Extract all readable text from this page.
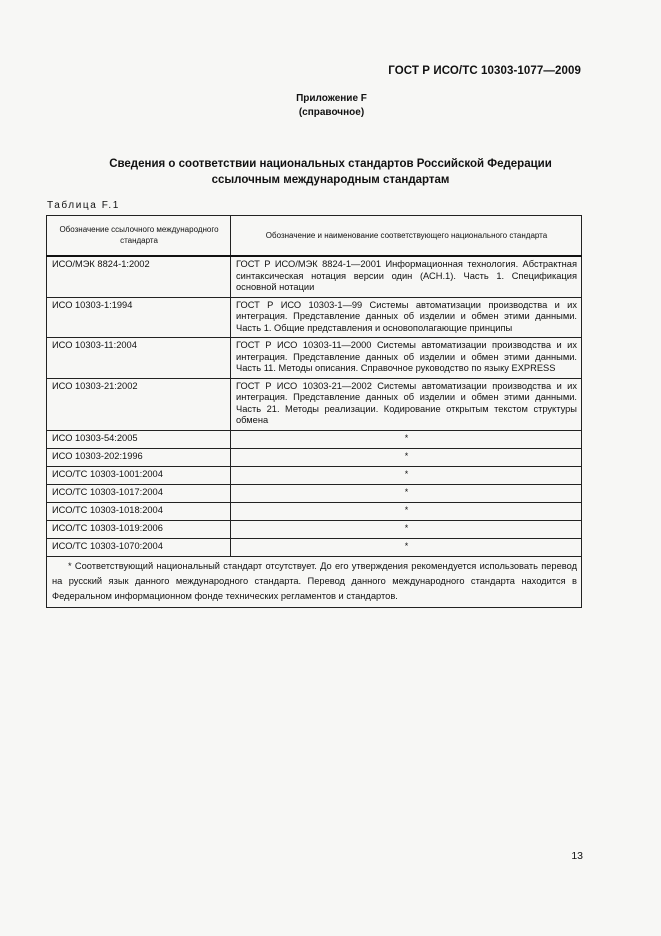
ГОСТ Р ИСО/ТС 10303-1077—2009
Приложение F
(справочное)
Сведения о соответствии национальных стандартов Российской Федерации
ссылочным международным стандартам
Таблица F.1
Обозначение ссылочного международного стандарта	Обозначение и наименование соответствующего национального стандарта
ИСО/МЭК 8824-1:2002	ГОСТ Р ИСО/МЭК 8824-1—2001 Информационная технология. Абстрактная синтаксическая нотация версии один (АСН.1). Часть 1. Спецификация основной нотации
ИСО 10303-1:1994	ГОСТ Р ИСО 10303-1—99 Системы автоматизации производства и их интеграция. Представление данных об изделии и обмен этими данными. Часть 1. Общие представления и основополагающие принципы
ИСО 10303-11:2004	ГОСТ Р ИСО 10303-11—2000 Системы автоматизации производства и их интеграция. Представление данных об изделии и обмен этими данными. Часть 11. Методы описания. Справочное руководство по языку EXPRESS
ИСО 10303-21:2002	ГОСТ Р ИСО 10303-21—2002 Системы автоматизации производства и их интеграция. Представление данных об изделии и обмен этими данными. Часть 21. Методы реализации. Кодирование открытым текстом структуры обмена
ИСО 10303-54:2005	*
ИСО 10303-202:1996	*
ИСО/ТС 10303-1001:2004	*
ИСО/ТС 10303-1017:2004	*
ИСО/ТС 10303-1018:2004	*
ИСО/ТС 10303-1019:2006	*
ИСО/ТС 10303-1070:2004	*
* Соответствующий национальный стандарт отсутствует. До его утверждения рекомендуется использовать перевод на русский язык данного международного стандарта. Перевод данного международного стандарта находится в Федеральном информационном фонде технических регламентов и стандартов.	
13
